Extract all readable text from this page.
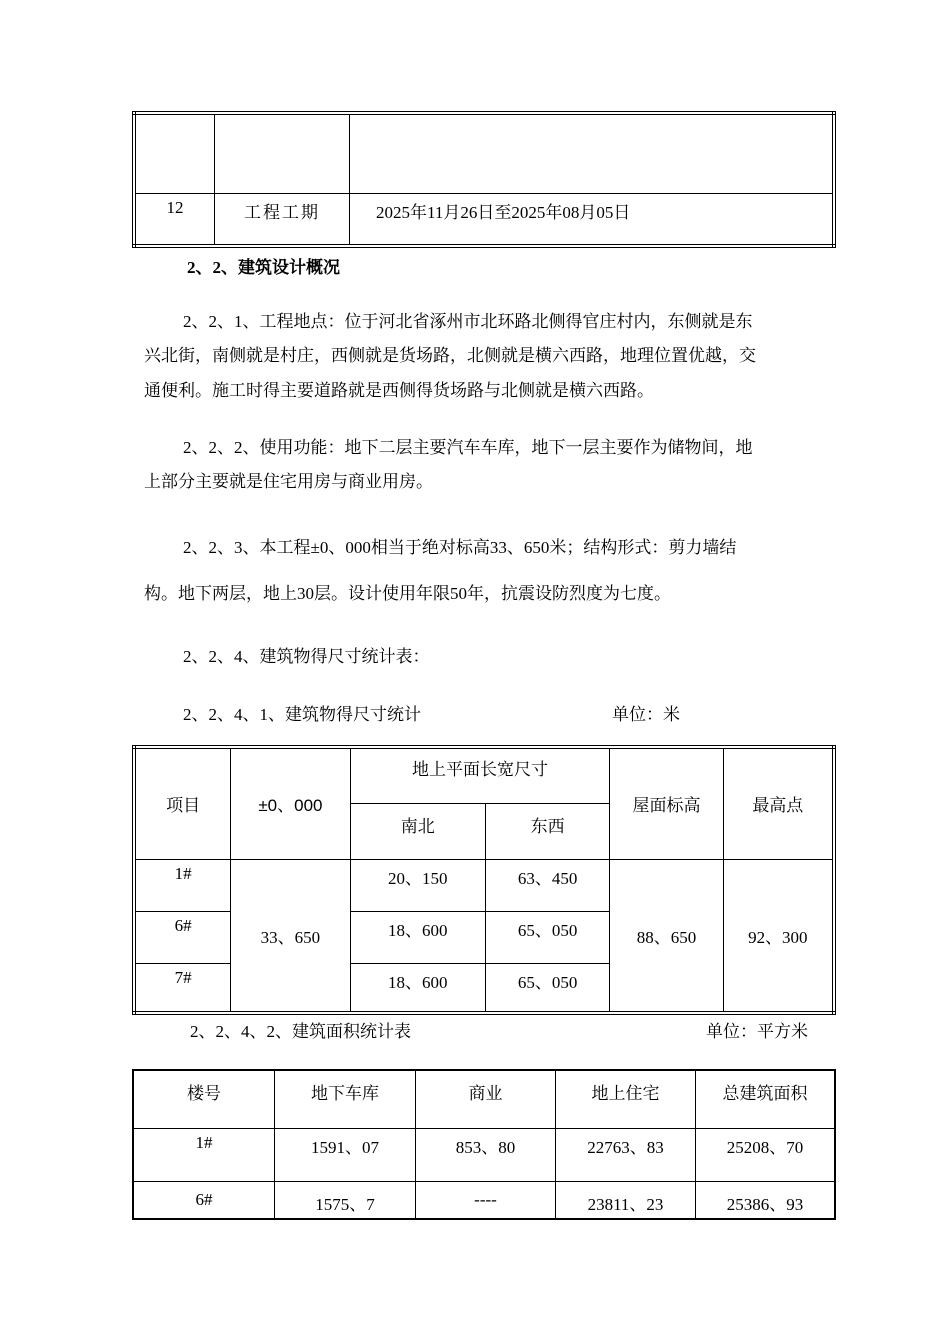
12	工程工期	2025年11月26日至2025年08月05日

2、2、建筑设计概况

2、2、1、工程地点：位于河北省涿州市北环路北侧得官庄村内，东侧就是东

兴北街，南侧就是村庄，西侧就是货场路，北侧就是横六西路，地理位置优越，交

通便利。施工时得主要道路就是西侧得货场路与北侧就是横六西路。

2、2、2、使用功能：地下二层主要汽车车库，地下一层主要作为储物间，地

上部分主要就是住宅用房与商业用房。

2、2、3、本工程±0、000相当于绝对标高33、650米；结构形式：剪力墙结

构。地下两层，地上30层。设计使用年限50年，抗震设防烈度为七度。

2、2、4、建筑物得尺寸统计表：

2、2、4、1、建筑物得尺寸统计	单位：米

项目	±0、000	地上平面长宽尺寸		屋面标高	最高点
		南北	东西		
1#	33、650	20、150	63、450	88、650	92、300
6#		18、600	65、050		
7#		18、600	65、050		

2、2、4、2、建筑面积统计表	单位：平方米

楼号	地下车库	商业	地上住宅	总建筑面积
1#	1591、07	853、80	22763、83	25208、70
6#	1575、7	----	23811、23	25386、93
